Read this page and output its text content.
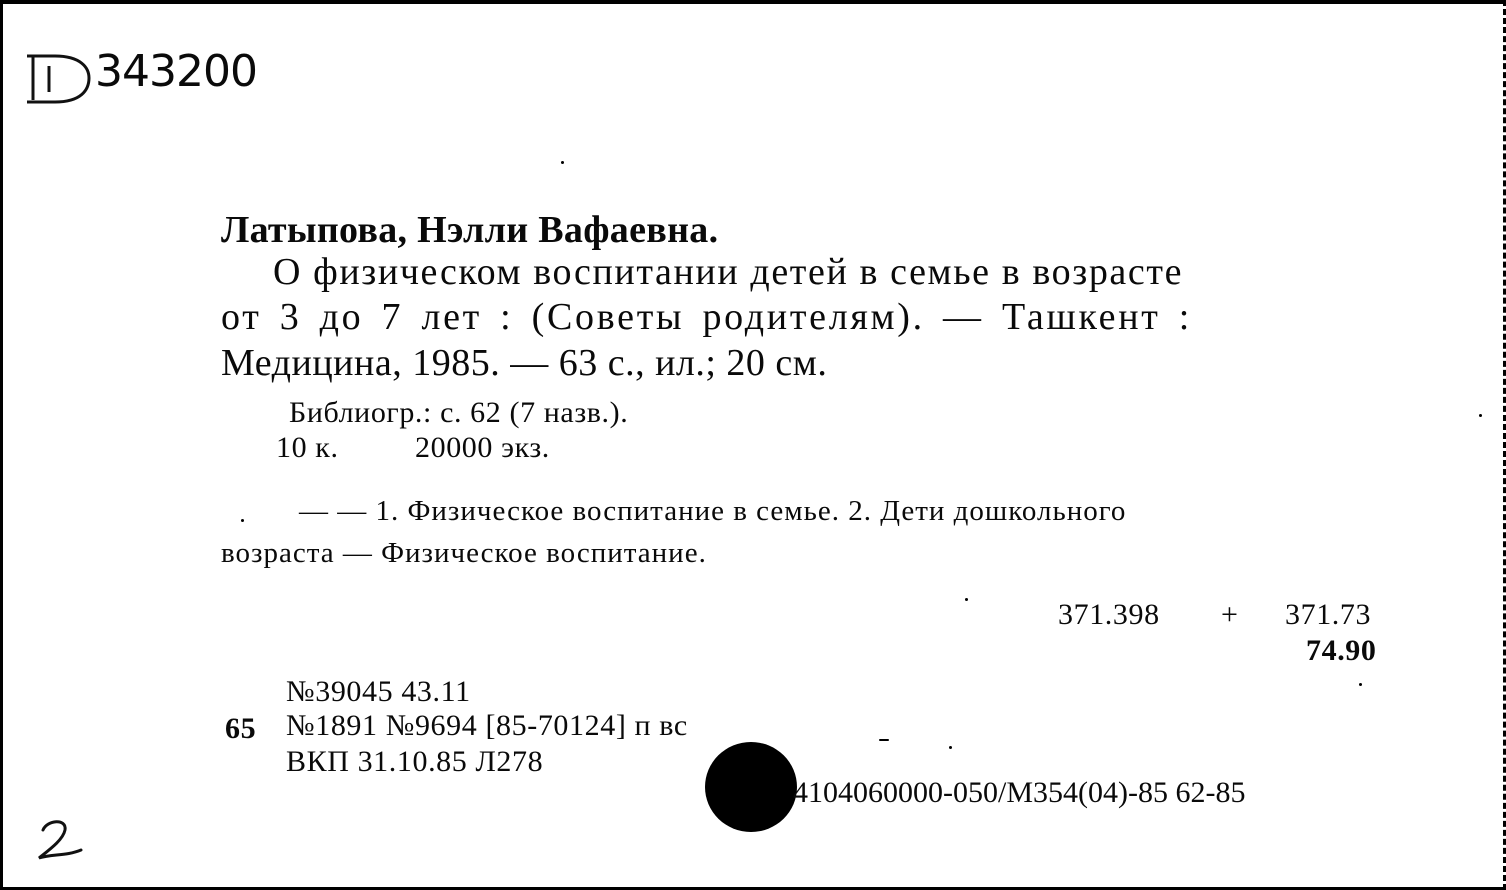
343200
Латыпова, Нэлли Вафаевна.
О физическом воспитании детей в семье в возрасте
от 3 до 7 лет : (Советы родителям). — Ташкент :
Медицина, 1985. — 63 с., ил.; 20 см.
Библиогр.: с. 62 (7 назв.).
10 к.	20000 экз.
— — 1. Физическое воспитание в семье. 2. Дети дошкольного
возраста — Физическое воспитание.
371.398 + 371.73
74.90
№39045 43.11
65 №1891 №9694 [85-70124] п вс
ВКП 31.10.85 Л278
4104060000-050/М354(04)-85 62-85
